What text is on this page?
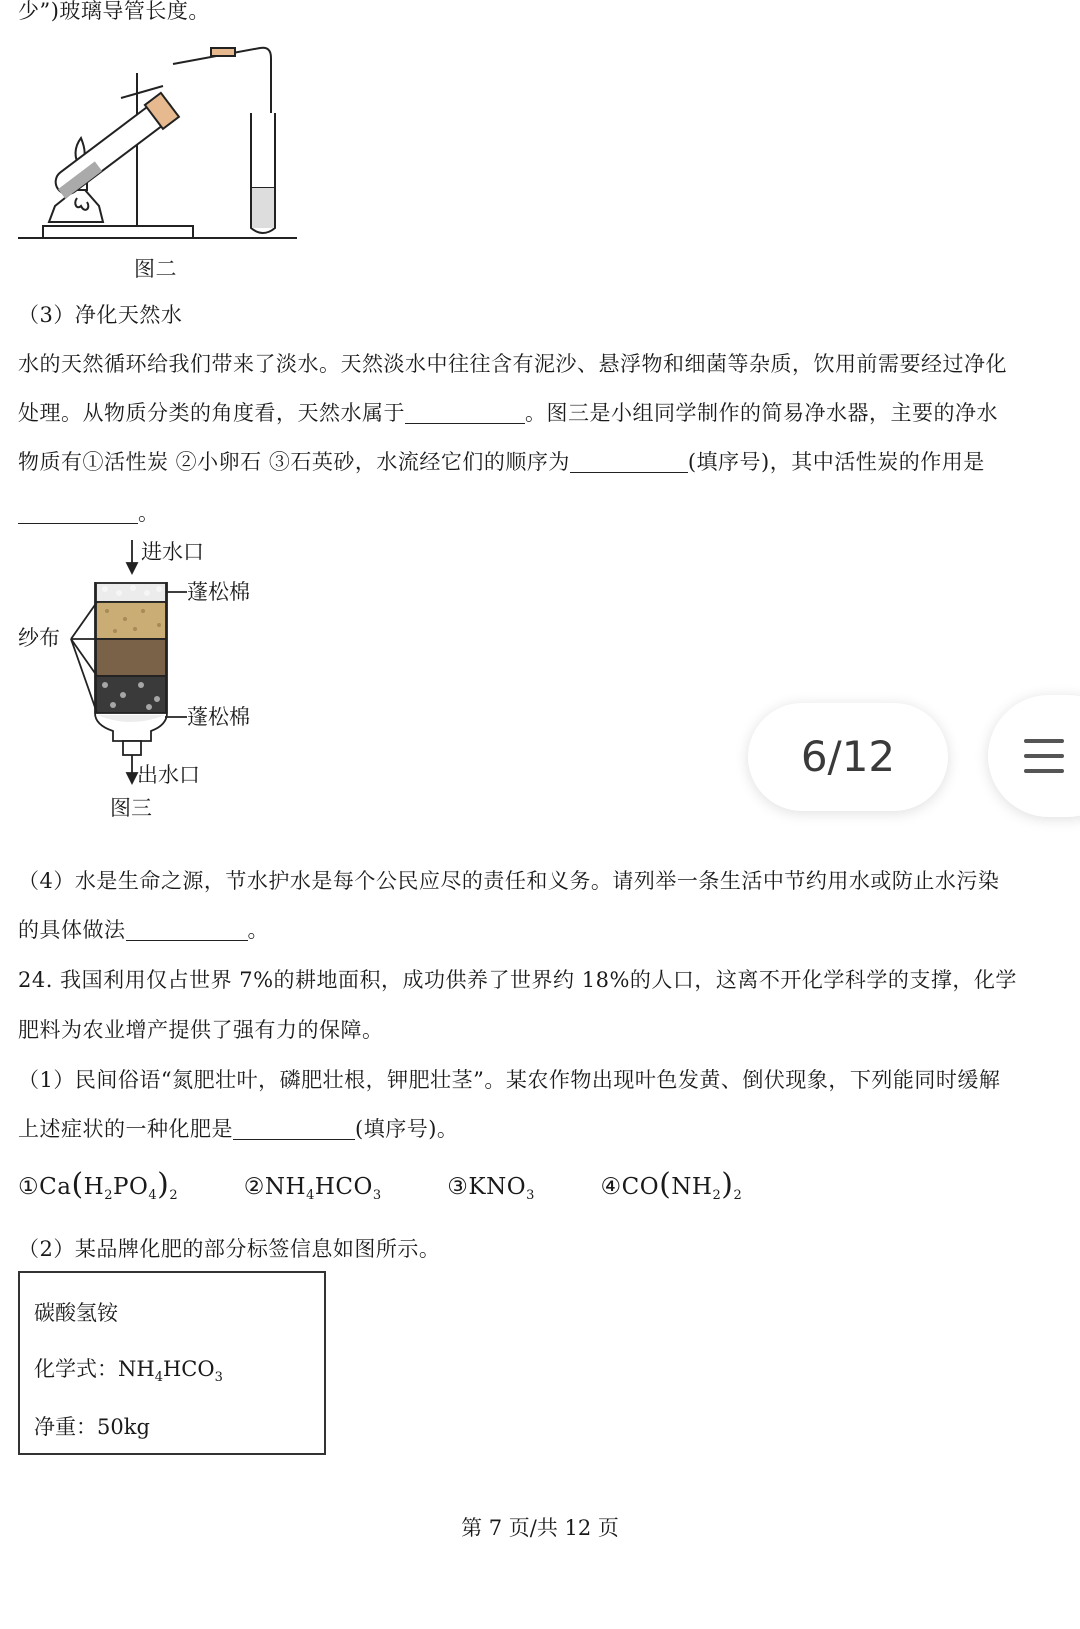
少”)玻璃导管长度。
图二
（3）净化天然水
水的天然循环给我们带来了淡水。天然淡水中往往含有泥沙、悬浮物和细菌等杂质，饮用前需要经过净化
处理。从物质分类的角度看，天然水属于	。图三是小组同学制作的简易净水器，主要的净水
物质有①活性炭 ②小卵石 ③石英砂，水流经它们的顺序为	(填序号)，其中活性炭的作用是
。
进水口
蓬松棉
纱布
蓬松棉
出水口
图三
（4）水是生命之源，节水护水是每个公民应尽的责任和义务。请列举一条生活中节约用水或防止水污染
的具体做法	。
24. 我国利用仅占世界 7%的耕地面积，成功供养了世界约 18%的人口，这离不开化学科学的支撑，化学
肥料为农业增产提供了强有力的保障。
（1）民间俗语“氮肥壮叶，磷肥壮根，钾肥壮茎”。某农作物出现叶色发黄、倒伏现象，下列能同时缓解
上述症状的一种化肥是	(填序号)。
$①Ca(H_2PO_4)_2$	$②NH_4HCO_3$	$③KNO_3$	$④CO(NH_2)_2$
（2）某品牌化肥的部分标签信息如图所示。
碳酸氢铵
化学式：$NH_4HCO_3$
净重：50kg
第 7 页/共 12 页
6/12
